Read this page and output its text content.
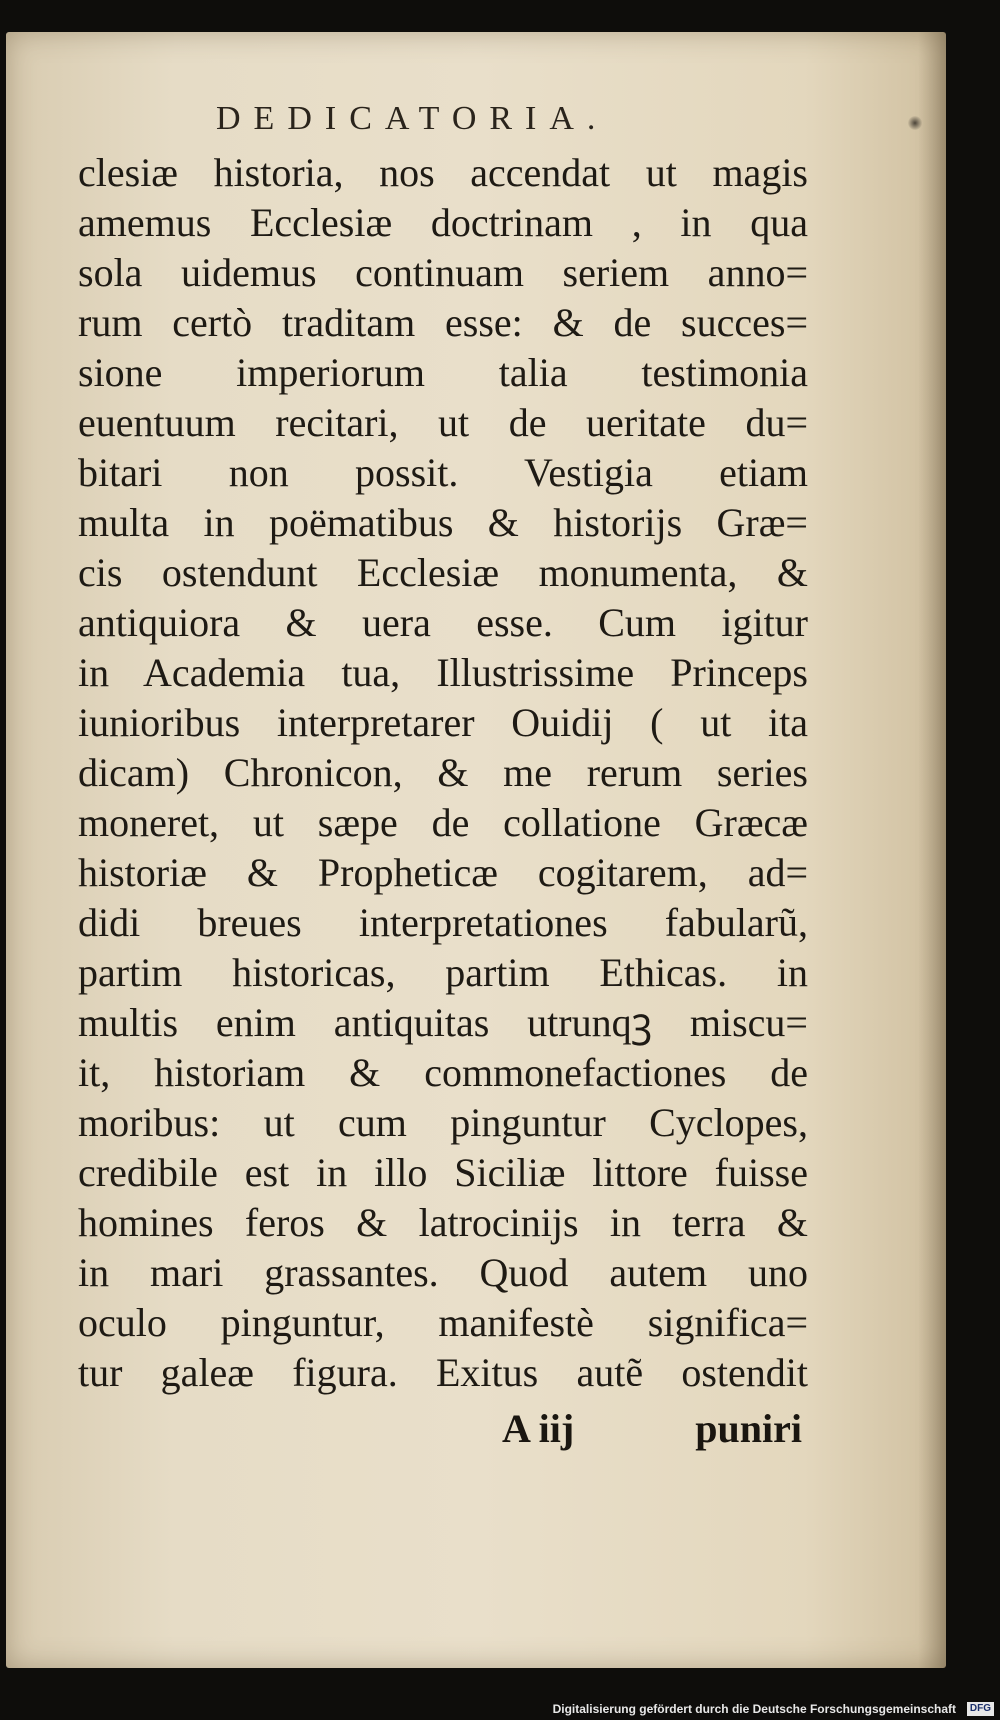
DEDICATORIA.
clesiæ historia, nos accendat ut magis
amemus Ecclesiæ doctrinam , in qua
sola uidemus continuam seriem anno=
rum certò traditam esse: & de succes=
sione imperiorum talia testimonia
euentuum recitari, ut de ueritate du=
bitari non possit. Vestigia etiam
multa in poëmatibus & historijs Græ=
cis ostendunt Ecclesiæ monumenta, &
antiquiora & uera esse. Cum igitur
in Academia tua, Illustrissime Princeps
iunioribus interpretarer Ouidij ( ut ita
dicam) Chronicon, & me rerum series
moneret, ut sæpe de collatione Græcæ
historiæ & Propheticæ cogitarem, ad=
didi breues interpretationes fabularũ,
partim historicas, partim Ethicas. in
multis enim antiquitas utrunqꝫ miscu=
it, historiam & commonefactiones de
moribus: ut cum pinguntur Cyclopes,
credibile est in illo Siciliæ littore fuisse
homines feros & latrocinijs in terra &
in mari grassantes. Quod autem uno
oculo pinguntur, manifestè significa=
tur galeæ figura. Exitus autẽ ostendit
A iij	puniri
Digitalisierung gefördert durch die Deutsche Forschungsgemeinschaft	DFG
